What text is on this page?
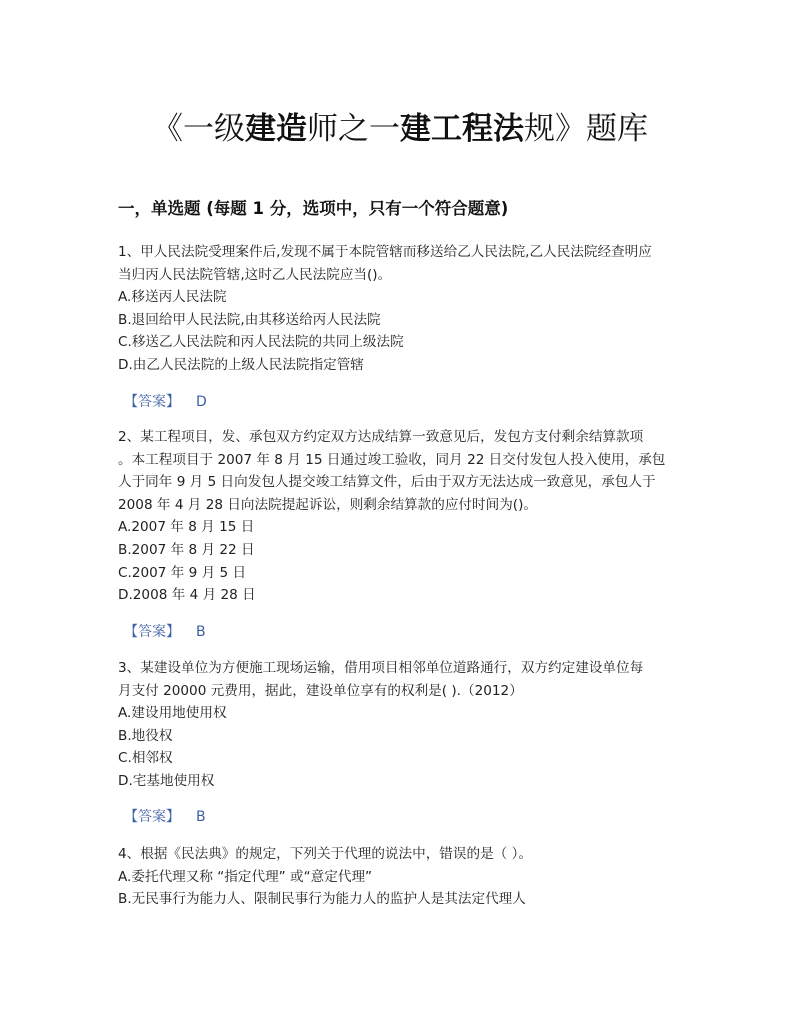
《一级建造师之一建工程法规》题库
一，单选题 (每题 1 分，选项中，只有一个符合题意)

1、甲人民法院受理案件后,发现不属于本院管辖而移送给乙人民法院,乙人民法院经查明应

当归丙人民法院管辖,这时乙人民法院应当()。

A.移送丙人民法院

B.退回给甲人民法院,由其移送给丙人民法院

C.移送乙人民法院和丙人民法院的共同上级法院

D.由乙人民法院的上级人民法院指定管辖

【答案】 D

2、某工程项目，发、承包双方约定双方达成结算一致意见后，发包方支付剩余结算款项

。本工程项目于 2007 年 8 月 15 日通过竣工验收，同月 22 日交付发包人投入使用，承包

人于同年 9 月 5 日向发包人提交竣工结算文件，后由于双方无法达成一致意见，承包人于

2008 年 4 月 28 日向法院提起诉讼，则剩余结算款的应付时间为()。

A.2007 年 8 月 15 日

B.2007 年 8 月 22 日

C.2007 年 9 月 5 日

D.2008 年 4 月 28 日

【答案】 B

3、某建设单位为方便施工现场运输，借用项目相邻单位道路通行，双方约定建设单位每

月支付 20000 元费用，据此，建设单位享有的权利是( ).（2012）

A.建设用地使用权

B.地役权

C.相邻权

D.宅基地使用权

【答案】 B

4、根据《民法典》的规定，下列关于代理的说法中，错误的是（ ）。

A.委托代理又称 “指定代理” 或“意定代理”

B.无民事行为能力人、限制民事行为能力人的监护人是其法定代理人
